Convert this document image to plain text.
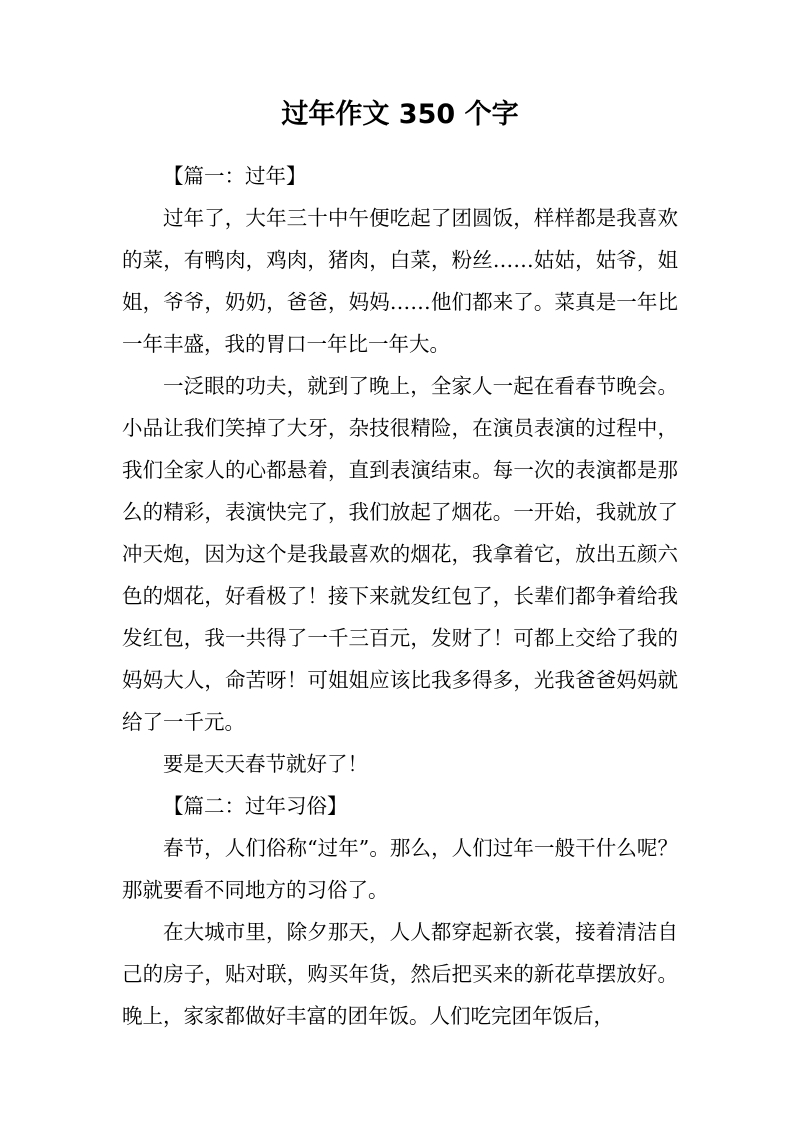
过年作文 350 个字

【篇一：过年】

过年了，大年三十中午便吃起了团圆饭，样样都是我喜欢的菜，有鸭肉，鸡肉，猪肉，白菜，粉丝……姑姑，姑爷，姐姐，爷爷，奶奶，爸爸，妈妈……他们都来了。菜真是一年比一年丰盛，我的胃口一年比一年大。

一泛眼的功夫，就到了晚上，全家人一起在看春节晚会。小品让我们笑掉了大牙，杂技很精险，在演员表演的过程中，我们全家人的心都悬着，直到表演结束。每一次的表演都是那么的精彩，表演快完了，我们放起了烟花。一开始，我就放了冲天炮，因为这个是我最喜欢的烟花，我拿着它，放出五颜六色的烟花，好看极了！接下来就发红包了，长辈们都争着给我发红包，我一共得了一千三百元，发财了！可都上交给了我的妈妈大人，命苦呀！可姐姐应该比我多得多，光我爸爸妈妈就给了一千元。

要是天天春节就好了！

【篇二：过年习俗】

春节，人们俗称“过年”。那么，人们过年一般干什么呢？那就要看不同地方的习俗了。

在大城市里，除夕那天，人人都穿起新衣裳，接着清洁自己的房子，贴对联，购买年货，然后把买来的新花草摆放好。晚上，家家都做好丰富的团年饭。人们吃完团年饭后，
